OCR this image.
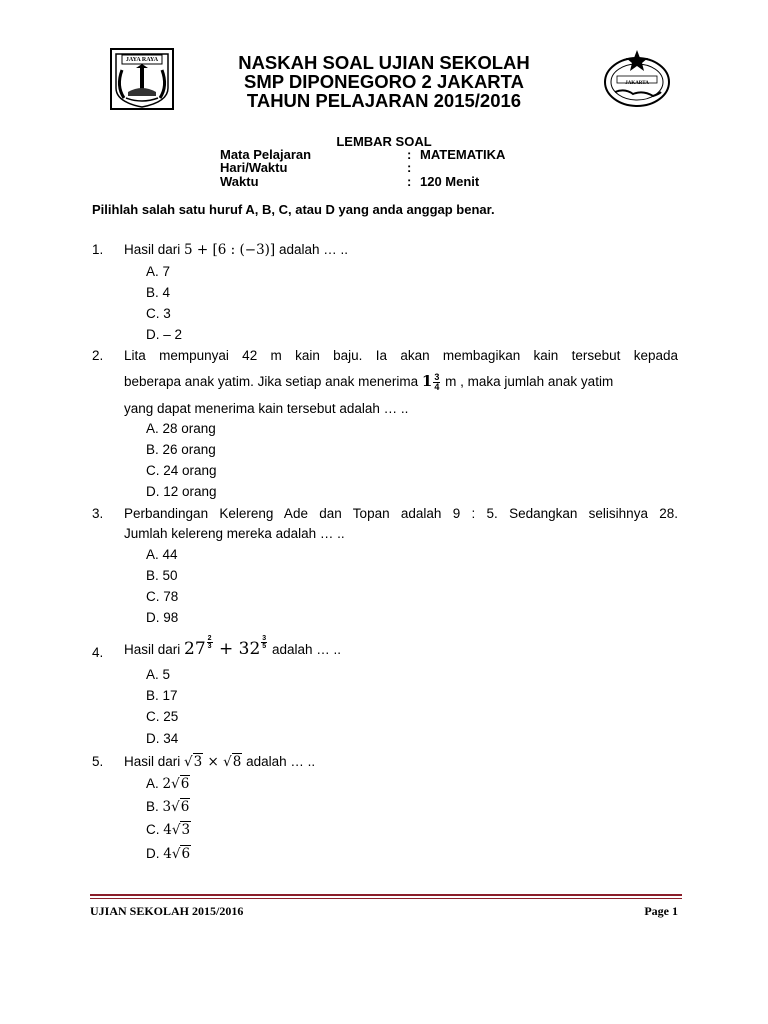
JAYA RAYA
JAKARTA
NASKAH SOAL UJIAN SEKOLAH
SMP DIPONEGORO 2 JAKARTA
TAHUN PELAJARAN 2015/2016
LEMBAR SOAL
Mata Pelajaran	: MATEMATIKA
Hari/Waktu	:
Waktu	: 120 Menit
Pilihlah salah satu huruf A, B, C, atau D yang anda anggap benar.
1. Hasil dari 5 + [6 : (−3)] adalah … ..
A. 7
B. 4
C. 3
D. – 2
2. Lita mempunyai 42 m kain baju. Ia akan membagikan kain tersebut kepada
beberapa anak yatim. Jika setiap anak menerima $1 \frac{3}{4}$ m , maka jumlah anak yatim
yang dapat menerima kain tersebut adalah … ..
A. 28 orang
B. 26 orang
C. 24 orang
D. 12 orang
3. Perbandingan Kelereng Ade dan Topan adalah 9 : 5. Sedangkan selisihnya 28.
Jumlah kelereng mereka adalah … ..
A. 44
B. 50
C. 78
D. 98
4. Hasil dari $27 \frac{2}{3} + 32 \frac{3}{5}$ adalah … ..
A. 5
B. 17
C. 25
D. 34
5. Hasil dari √3 × √8 adalah … ..
A. 2√6
B. 3√6
C. 4√3
D. 4√6
UJIAN SEKOLAH 2015/2016	Page 1
